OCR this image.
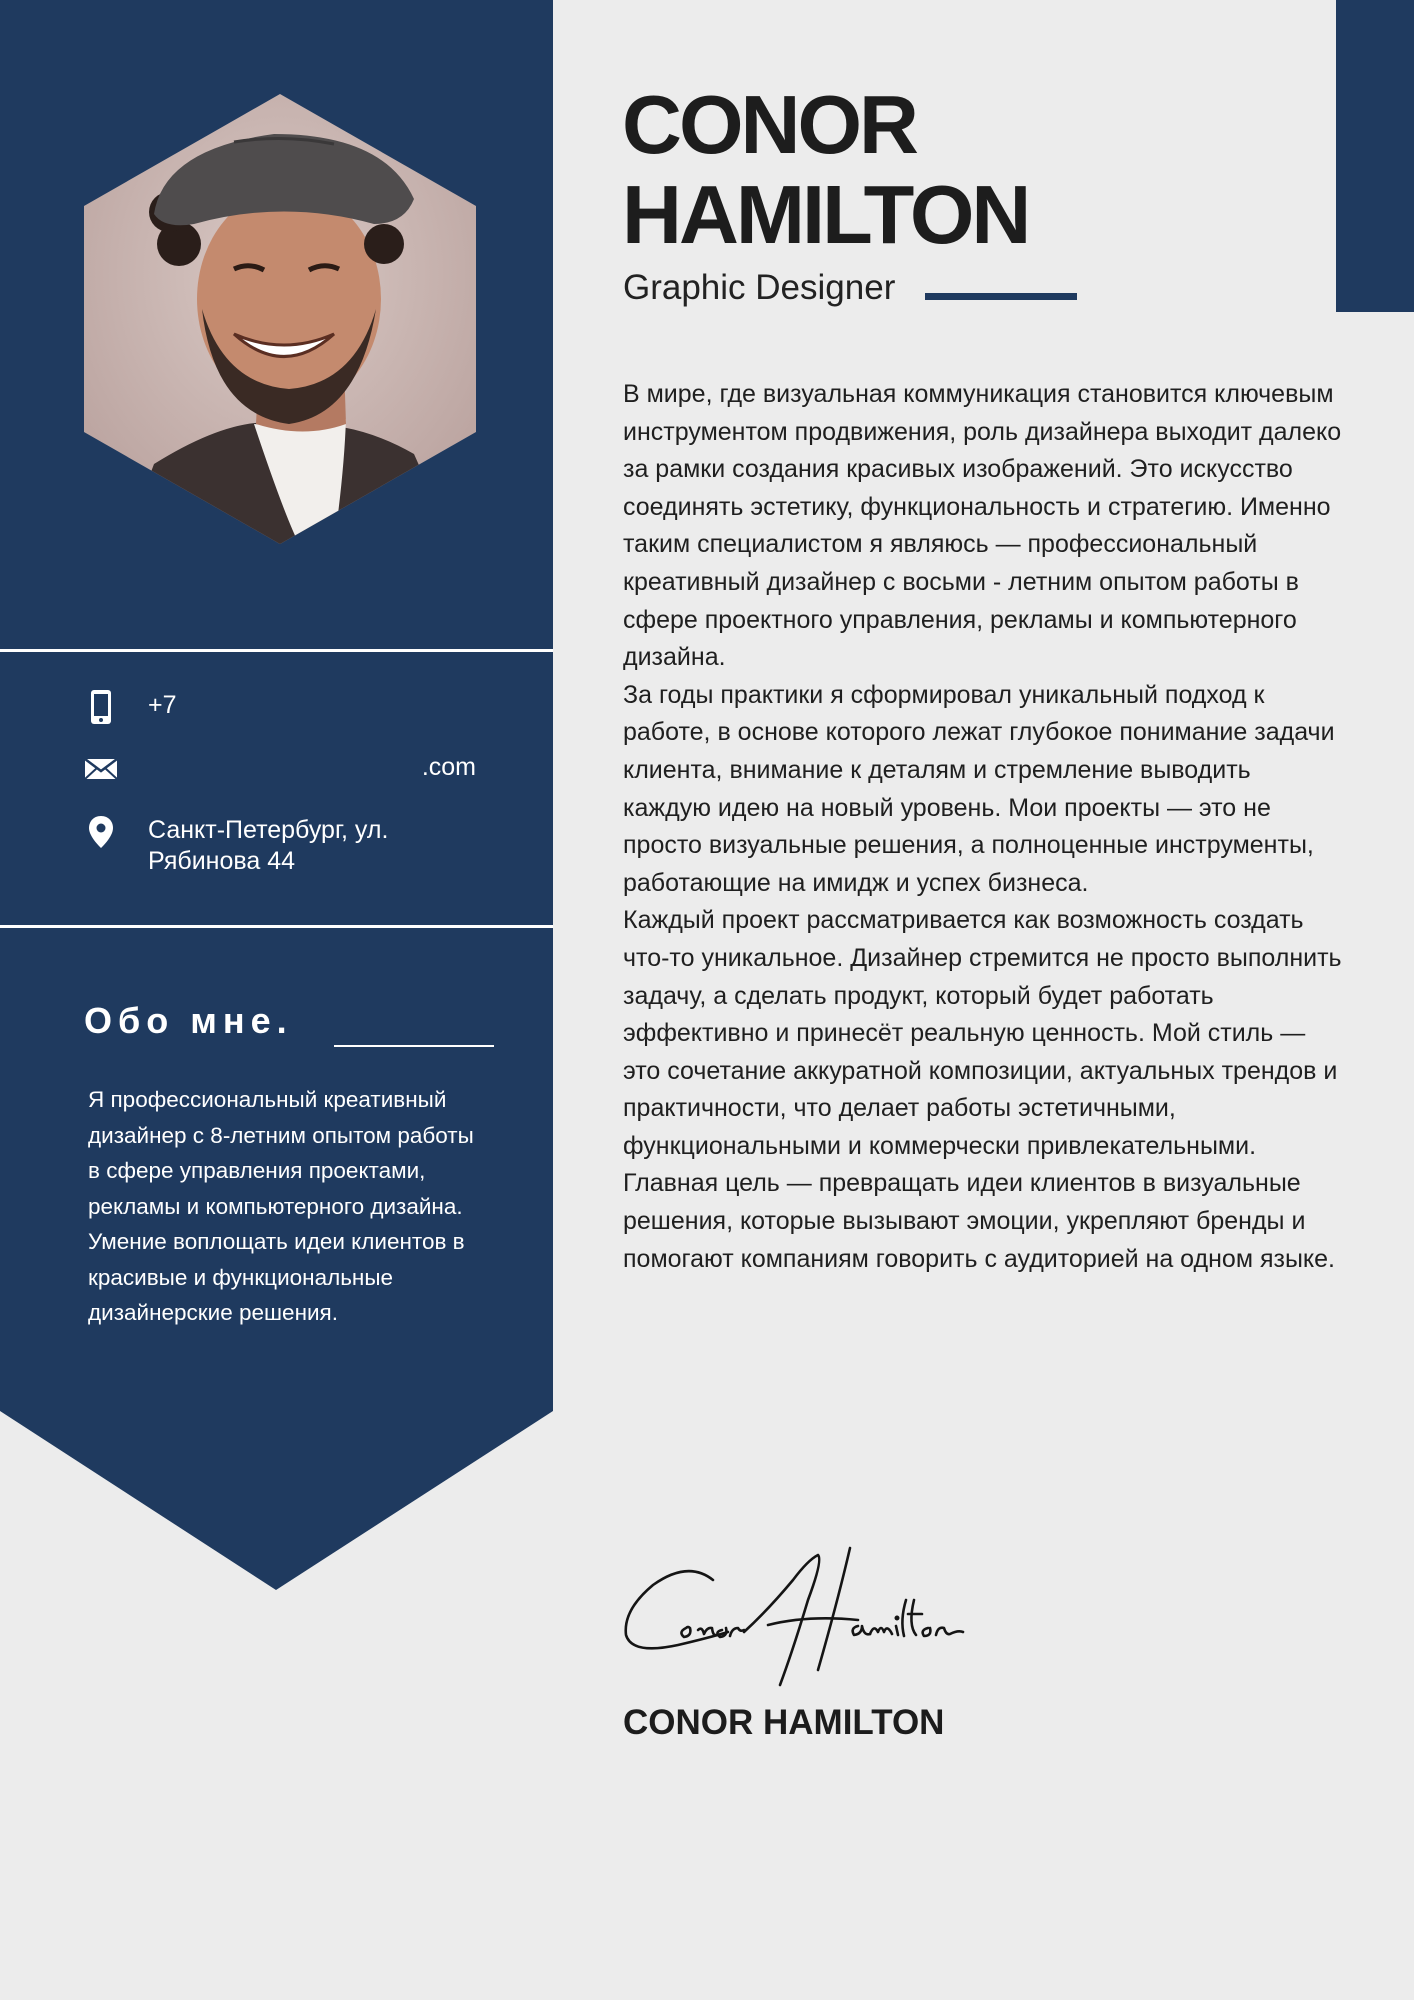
+7
.com
Санкт-Петербург, ул. Рябинова 44
Обо мне.

Я профессиональный креативный дизайнер с 8-летним опытом работы в сфере управления проектами, рекламы и компьютерного дизайна. Умение воплощать идеи клиентов в красивые и функциональные дизайнерские решения.

CONOR
HAMILTON

Graphic Designer

В мире, где визуальная коммуникация становится ключевым инструментом продвижения, роль дизайнера выходит далеко за рамки создания красивых изображений. Это искусство соединять эстетику, функциональность и стратегию. Именно таким специалистом я являюсь — профессиональный креативный дизайнер с восьми - летним опытом работы в сфере проектного управления, рекламы и компьютерного дизайна.

За годы практики я сформировал уникальный подход к работе, в основе которого лежат глубокое понимание задачи клиента, внимание к деталям и стремление выводить каждую идею на новый уровень. Мои проекты — это не просто визуальные решения, а полноценные инструменты, работающие на имидж и успех бизнеса.

Каждый проект рассматривается как возможность создать что-то уникальное. Дизайнер стремится не просто выполнить задачу, а сделать продукт, который будет работать эффективно и принесёт реальную ценность. Мой стиль — это сочетание аккуратной композиции, актуальных трендов и практичности, что делает работы эстетичными, функциональными и коммерчески привлекательными.

Главная цель — превращать идеи клиентов в визуальные решения, которые вызывают эмоции, укрепляют бренды и помогают компаниям говорить с аудиторией на одном языке.

CONOR HAMILTON
